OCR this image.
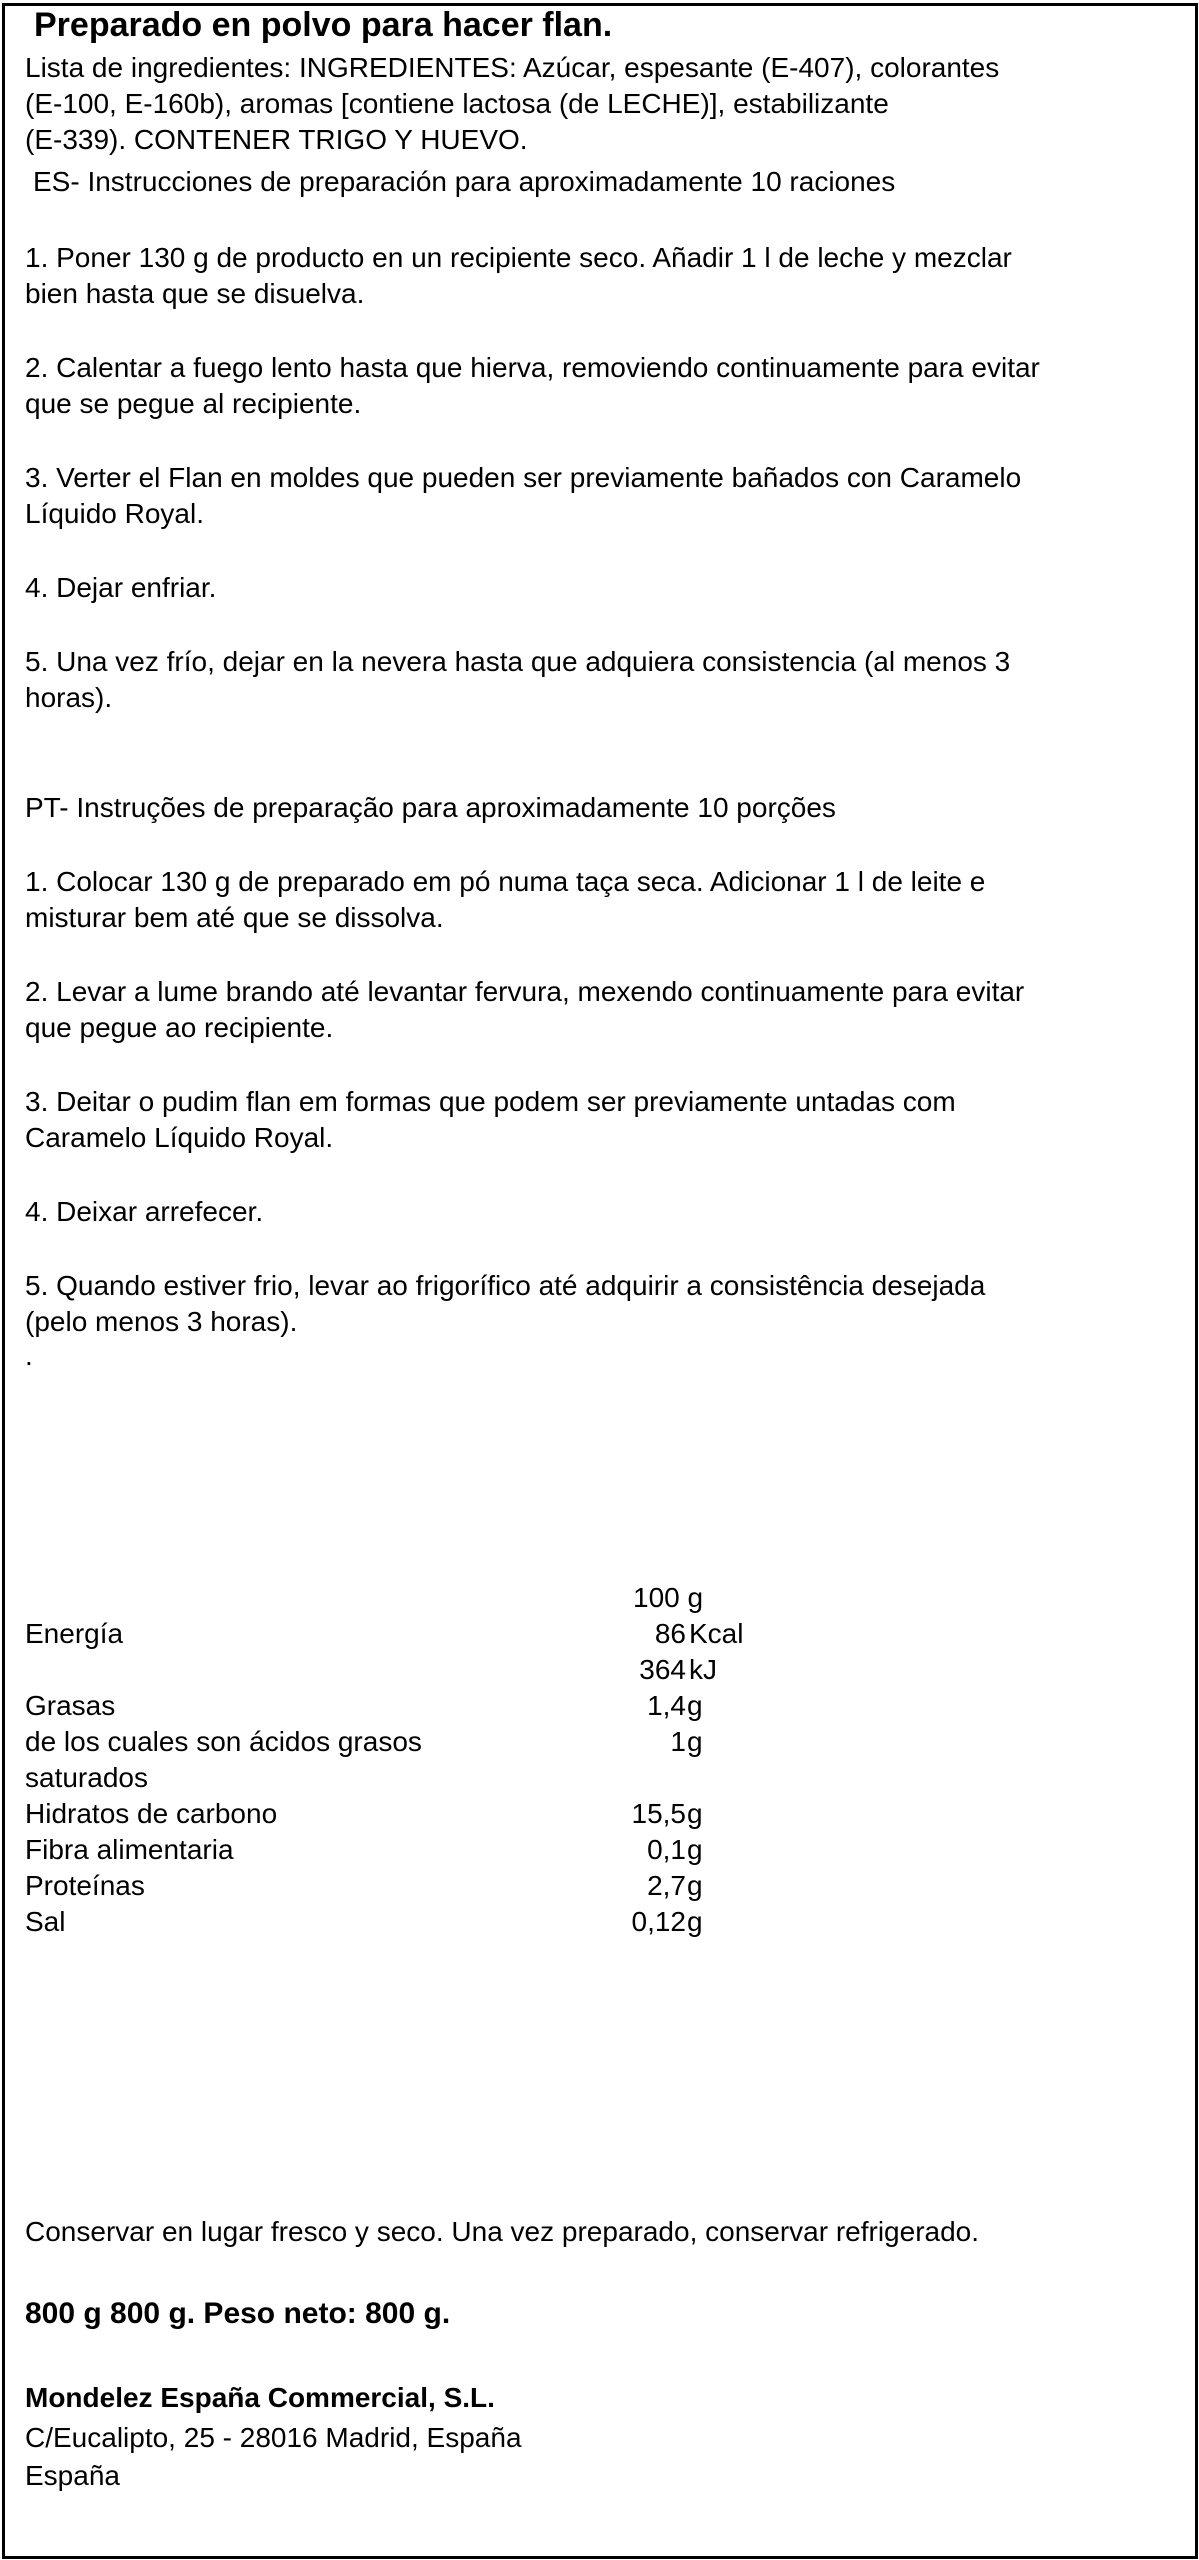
Preparado en polvo para hacer flan.

Lista de ingredientes: INGREDIENTES: Azúcar, espesante (E-407), colorantes

(E-100, E-160b), aromas [contiene lactosa (de LECHE)], estabilizante

(E-339). CONTENER TRIGO Y HUEVO.

ES- Instrucciones de preparación para aproximadamente 10 raciones

1. Poner 130 g de producto en un recipiente seco. Añadir 1 l de leche y mezclar

bien hasta que se disuelva.

2. Calentar a fuego lento hasta que hierva, removiendo continuamente para evitar

que se pegue al recipiente.

3. Verter el Flan en moldes que pueden ser previamente bañados con Caramelo

Líquido Royal.

4. Dejar enfriar.

5. Una vez frío, dejar en la nevera hasta que adquiera consistencia (al menos 3

horas).

PT- Instruções de preparação para aproximadamente 10 porções

1. Colocar 130 g de preparado em pó numa taça seca. Adicionar 1 l de leite e

misturar bem até que se dissolva.

2. Levar a lume brando até levantar fervura, mexendo continuamente para evitar

que pegue ao recipiente.

3. Deitar o pudim flan em formas que podem ser previamente untadas com

Caramelo Líquido Royal.

4. Deixar arrefecer.

5. Quando estiver frio, levar ao frigorífico até adquirir a consistência desejada

(pelo menos 3 horas).

.

100 g
Energía	86 Kcal
364 kJ
Grasas	1,4 g
de los cuales son ácidos grasos	1 g
saturados
Hidratos de carbono	15,5 g
Fibra alimentaria	0,1 g
Proteínas	2,7 g
Sal	0,12 g

Conservar en lugar fresco y seco. Una vez preparado, conservar refrigerado.

800 g 800 g. Peso neto: 800 g.

Mondelez España Commercial, S.L.

C/Eucalipto, 25 - 28016 Madrid, España

España
